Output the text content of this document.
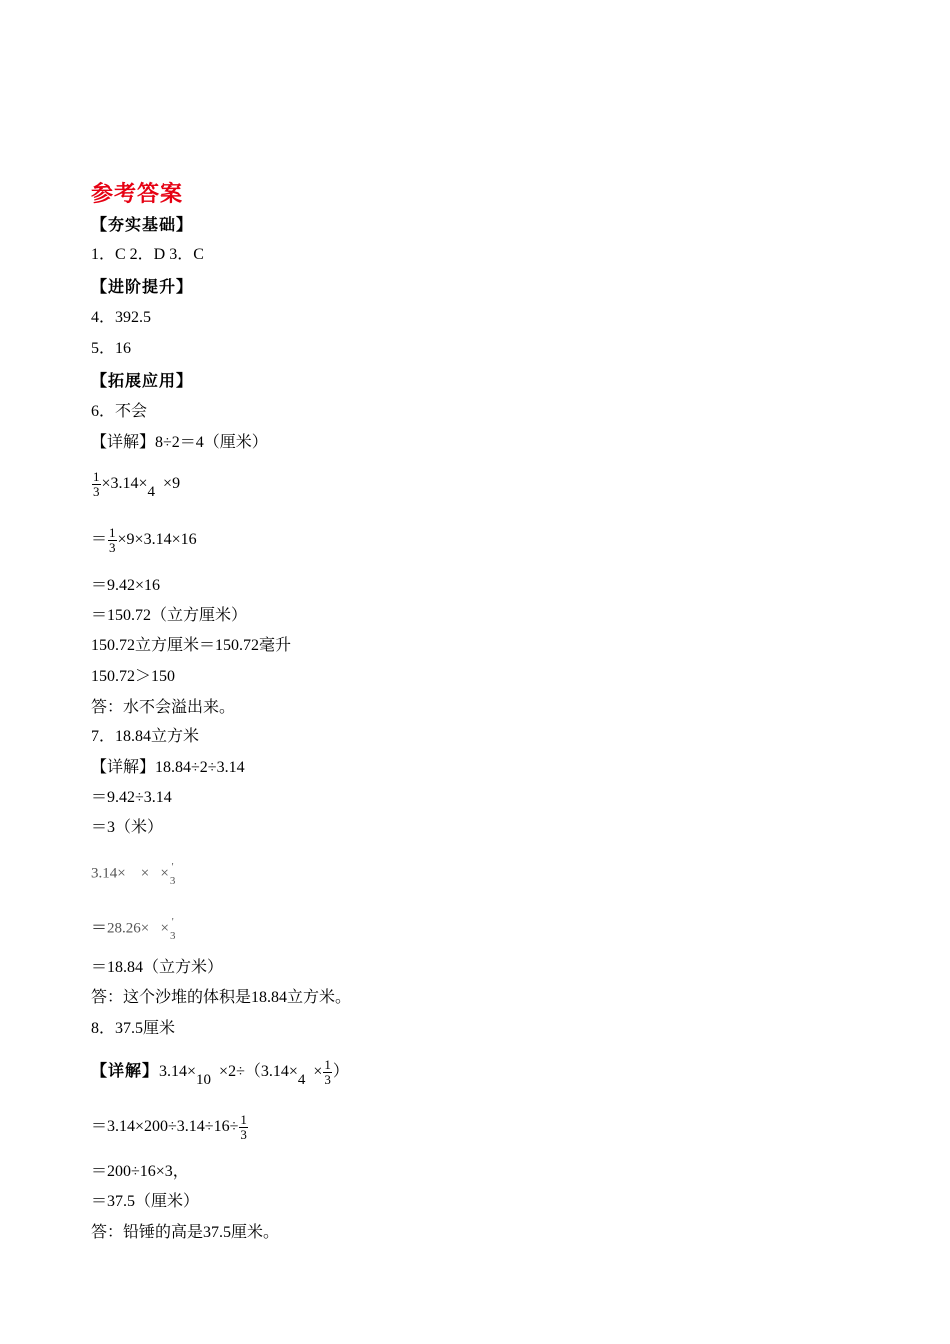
参考答案
【夯实基础】
1．C 2．D 3．C
【进阶提升】
4．392.5
5．16
【拓展应用】
6．不会
【详解】8÷2＝4（厘米）
$\frac{1}{3} \times 3.14\times 4 \times 9$
＝ $\frac{1}{3} \times 9\times 3.14\times 16$
＝9.42×16
＝150.72（立方厘米）
150.72立方厘米＝150.72毫升
150.72＞150
答：水不会溢出来。
7．18.84立方米
【详解】18.84÷2÷3.14
＝9.42÷3.14
＝3（米）
3.14×    ×   × '
3
＝28.26×   × '
3
＝18.84（立方米）
答：这个沙堆的体积是18.84立方米。
8．37.5厘米
【详解】$3.14\times 10 \times 2\div(3.14\times 4 \times \frac{1}{3}$ ）
$=3.14\times 200\div 3.14\div 16\div \frac{1}{3}$
＝200÷16×3，
＝37.5（厘米）
答：铅锤的高是37.5厘米。
